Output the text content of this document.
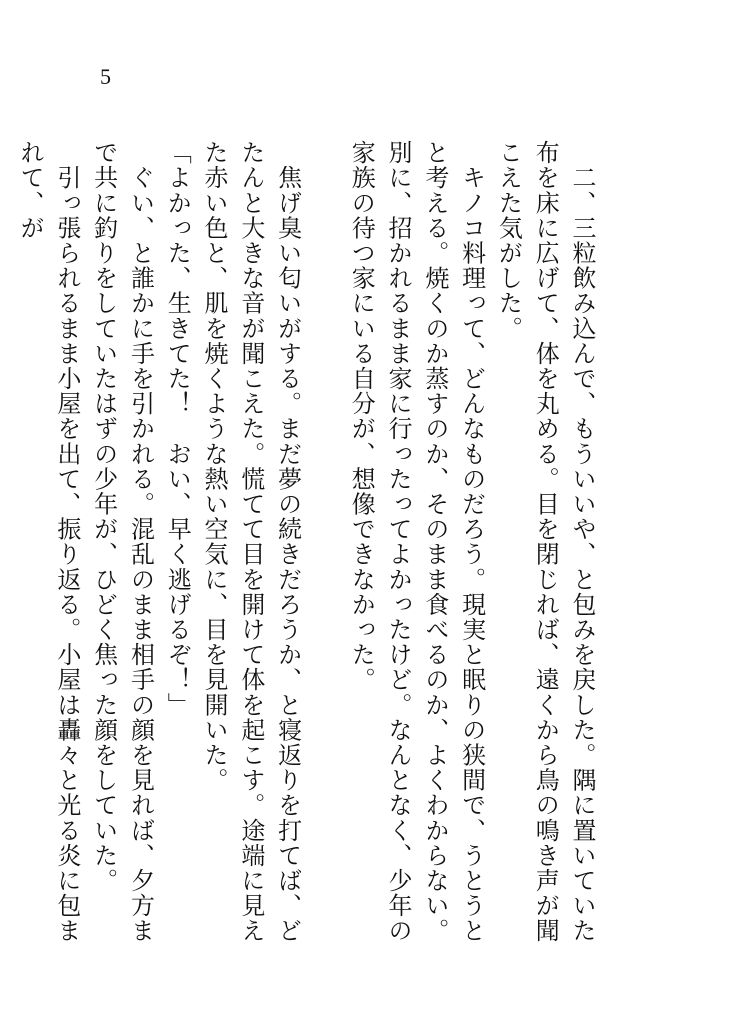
5

　二、三粒飲み込んで、もういいや、と包みを戻した。隅に置いていた布を床に広げて、体を丸める。目を閉じれば、遠くから鳥の鳴き声が聞こえた気がした。

　キノコ料理って、どんなものだろう。現実と眠りの狭間で、うとうとと考える。焼くのか蒸すのか、そのまま食べるのか、よくわからない。別に、招かれるまま家に行ったってよかったけど。なんとなく、少年の家族の待つ家にいる自分が、想像できなかった。

　焦げ臭い匂いがする。まだ夢の続きだろうか、と寝返りを打てば、どたんと大きな音が聞こえた。慌てて目を開けて体を起こす。途端に見えた赤い色と、肌を焼くような熱い空気に、目を見開いた。

「よかった、生きてた！　おい、早く逃げるぞ！」

　ぐい、と誰かに手を引かれる。混乱のまま相手の顔を見れば、夕方まで共に釣りをしていたはずの少年が、ひどく焦った顔をしていた。

　引っ張られるまま小屋を出て、振り返る。小屋は轟々と光る炎に包まれて、が
